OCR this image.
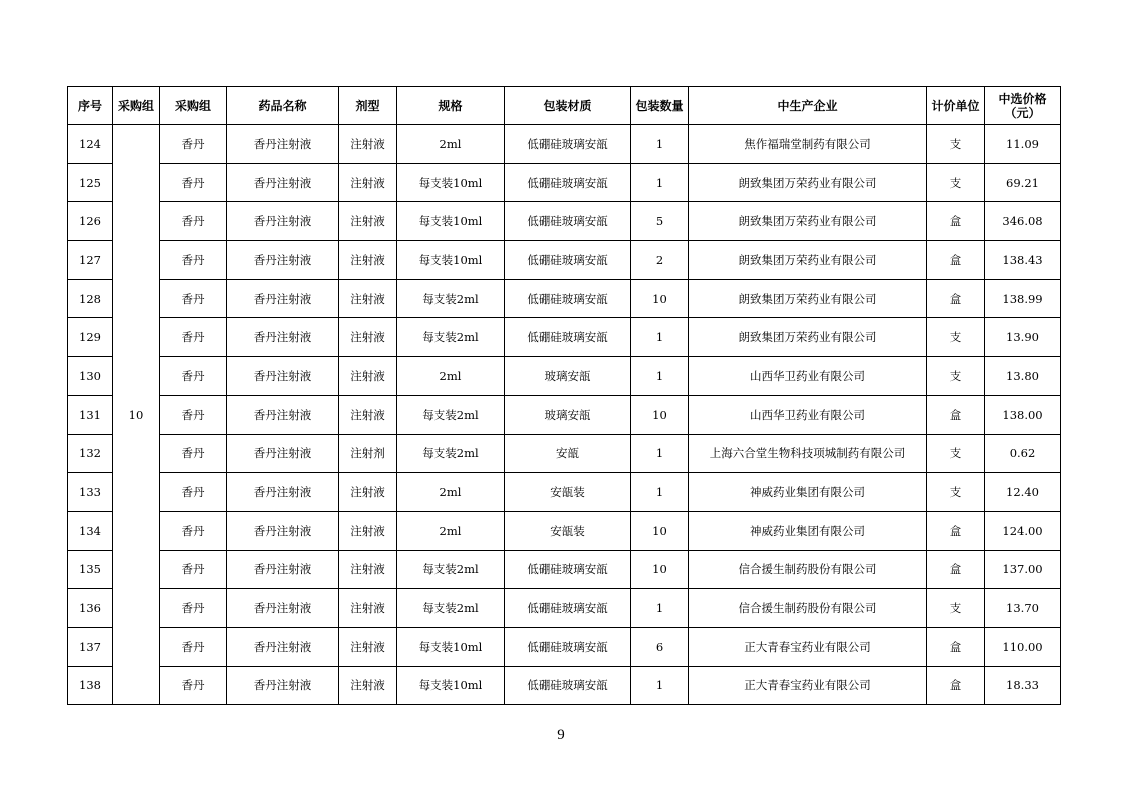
序号	采购组	采购组	药品名称	剂型	规格	包装材质	包装数量	中生产企业	计价单位	中选价格
（元）
124	10	香丹	香丹注射液	注射液	2ml	低硼硅玻璃安瓿	1	焦作福瑞堂制药有限公司	支	11.09
125		香丹	香丹注射液	注射液	每支装10ml	低硼硅玻璃安瓿	1	朗致集团万荣药业有限公司	支	69.21
126		香丹	香丹注射液	注射液	每支装10ml	低硼硅玻璃安瓿	5	朗致集团万荣药业有限公司	盒	346.08
127		香丹	香丹注射液	注射液	每支装10ml	低硼硅玻璃安瓿	2	朗致集团万荣药业有限公司	盒	138.43
128		香丹	香丹注射液	注射液	每支装2ml	低硼硅玻璃安瓿	10	朗致集团万荣药业有限公司	盒	138.99
129		香丹	香丹注射液	注射液	每支装2ml	低硼硅玻璃安瓿	1	朗致集团万荣药业有限公司	支	13.90
130		香丹	香丹注射液	注射液	2ml	玻璃安瓿	1	山西华卫药业有限公司	支	13.80
131		香丹	香丹注射液	注射液	每支装2ml	玻璃安瓿	10	山西华卫药业有限公司	盒	138.00
132		香丹	香丹注射液	注射剂	每支装2ml	安瓿	1	上海六合堂生物科技项城制药有限公司	支	0.62
133		香丹	香丹注射液	注射液	2ml	安瓿装	1	神威药业集团有限公司	支	12.40
134		香丹	香丹注射液	注射液	2ml	安瓿装	10	神威药业集团有限公司	盒	124.00
135		香丹	香丹注射液	注射液	每支装2ml	低硼硅玻璃安瓿	10	信合援生制药股份有限公司	盒	137.00
136		香丹	香丹注射液	注射液	每支装2ml	低硼硅玻璃安瓿	1	信合援生制药股份有限公司	支	13.70
137		香丹	香丹注射液	注射液	每支装10ml	低硼硅玻璃安瓿	6	正大青春宝药业有限公司	盒	110.00
138		香丹	香丹注射液	注射液	每支装10ml	低硼硅玻璃安瓿	1	正大青春宝药业有限公司	盒	18.33
9
